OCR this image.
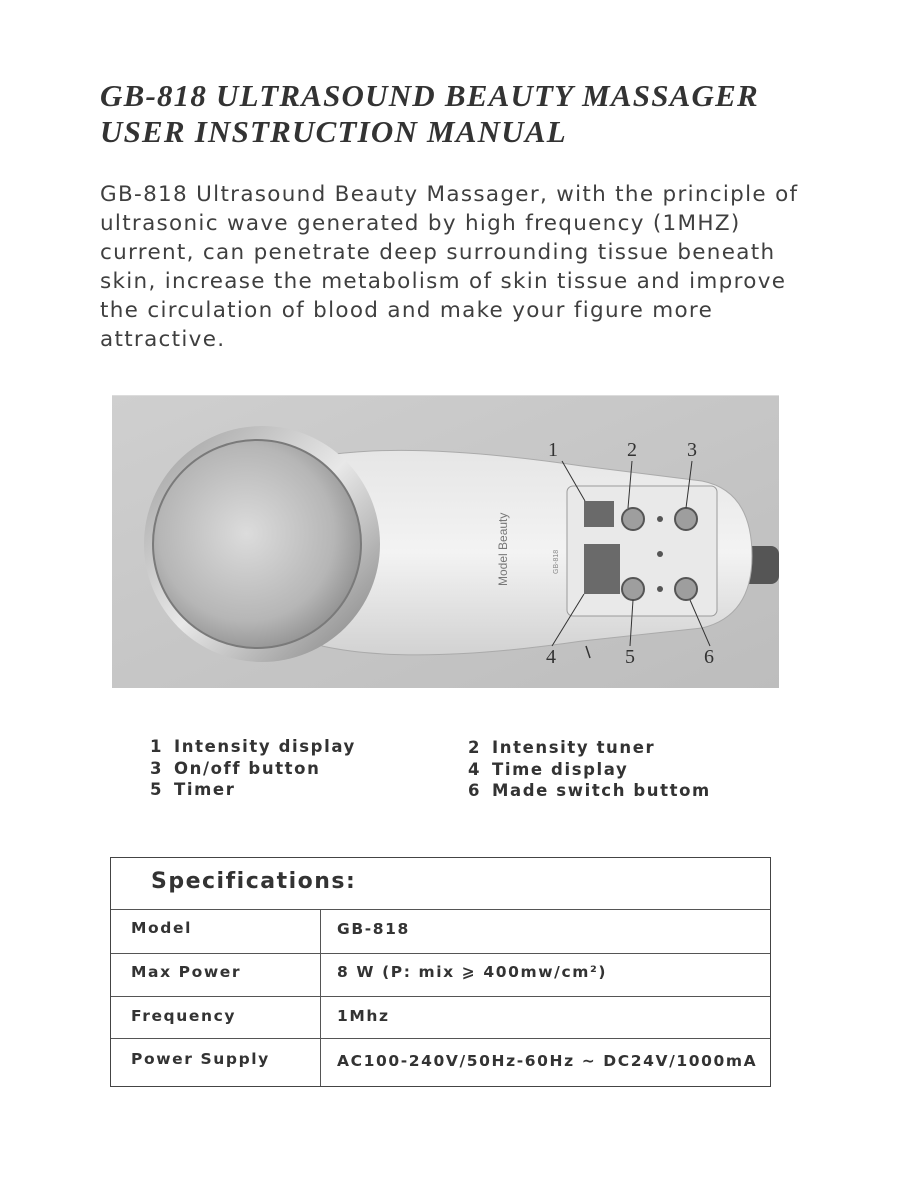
GB-818 ULTRASOUND BEAUTY MASSAGER
USER INSTRUCTION MANUAL

GB-818 Ultrasound Beauty Massager, with the principle of ultrasonic wave generated by high frequency (1MHZ) current, can penetrate deep surrounding tissue beneath skin, increase the metabolism of skin tissue and improve the circulation of blood and make your figure more attractive.

Model Beauty	GB-818
1	2	3
4	5	6
1 Intensity display
3 On/off button
5 Timer
2 Intensity tuner
4 Time display
6 Made switch buttom
Specifications:
Model	GB-818
Max Power	8 W (P: mix ⩾ 400mw/cm²)
Frequency	1Mhz
Power Supply	AC100-240V/50Hz-60Hz ~ DC24V/1000mA
